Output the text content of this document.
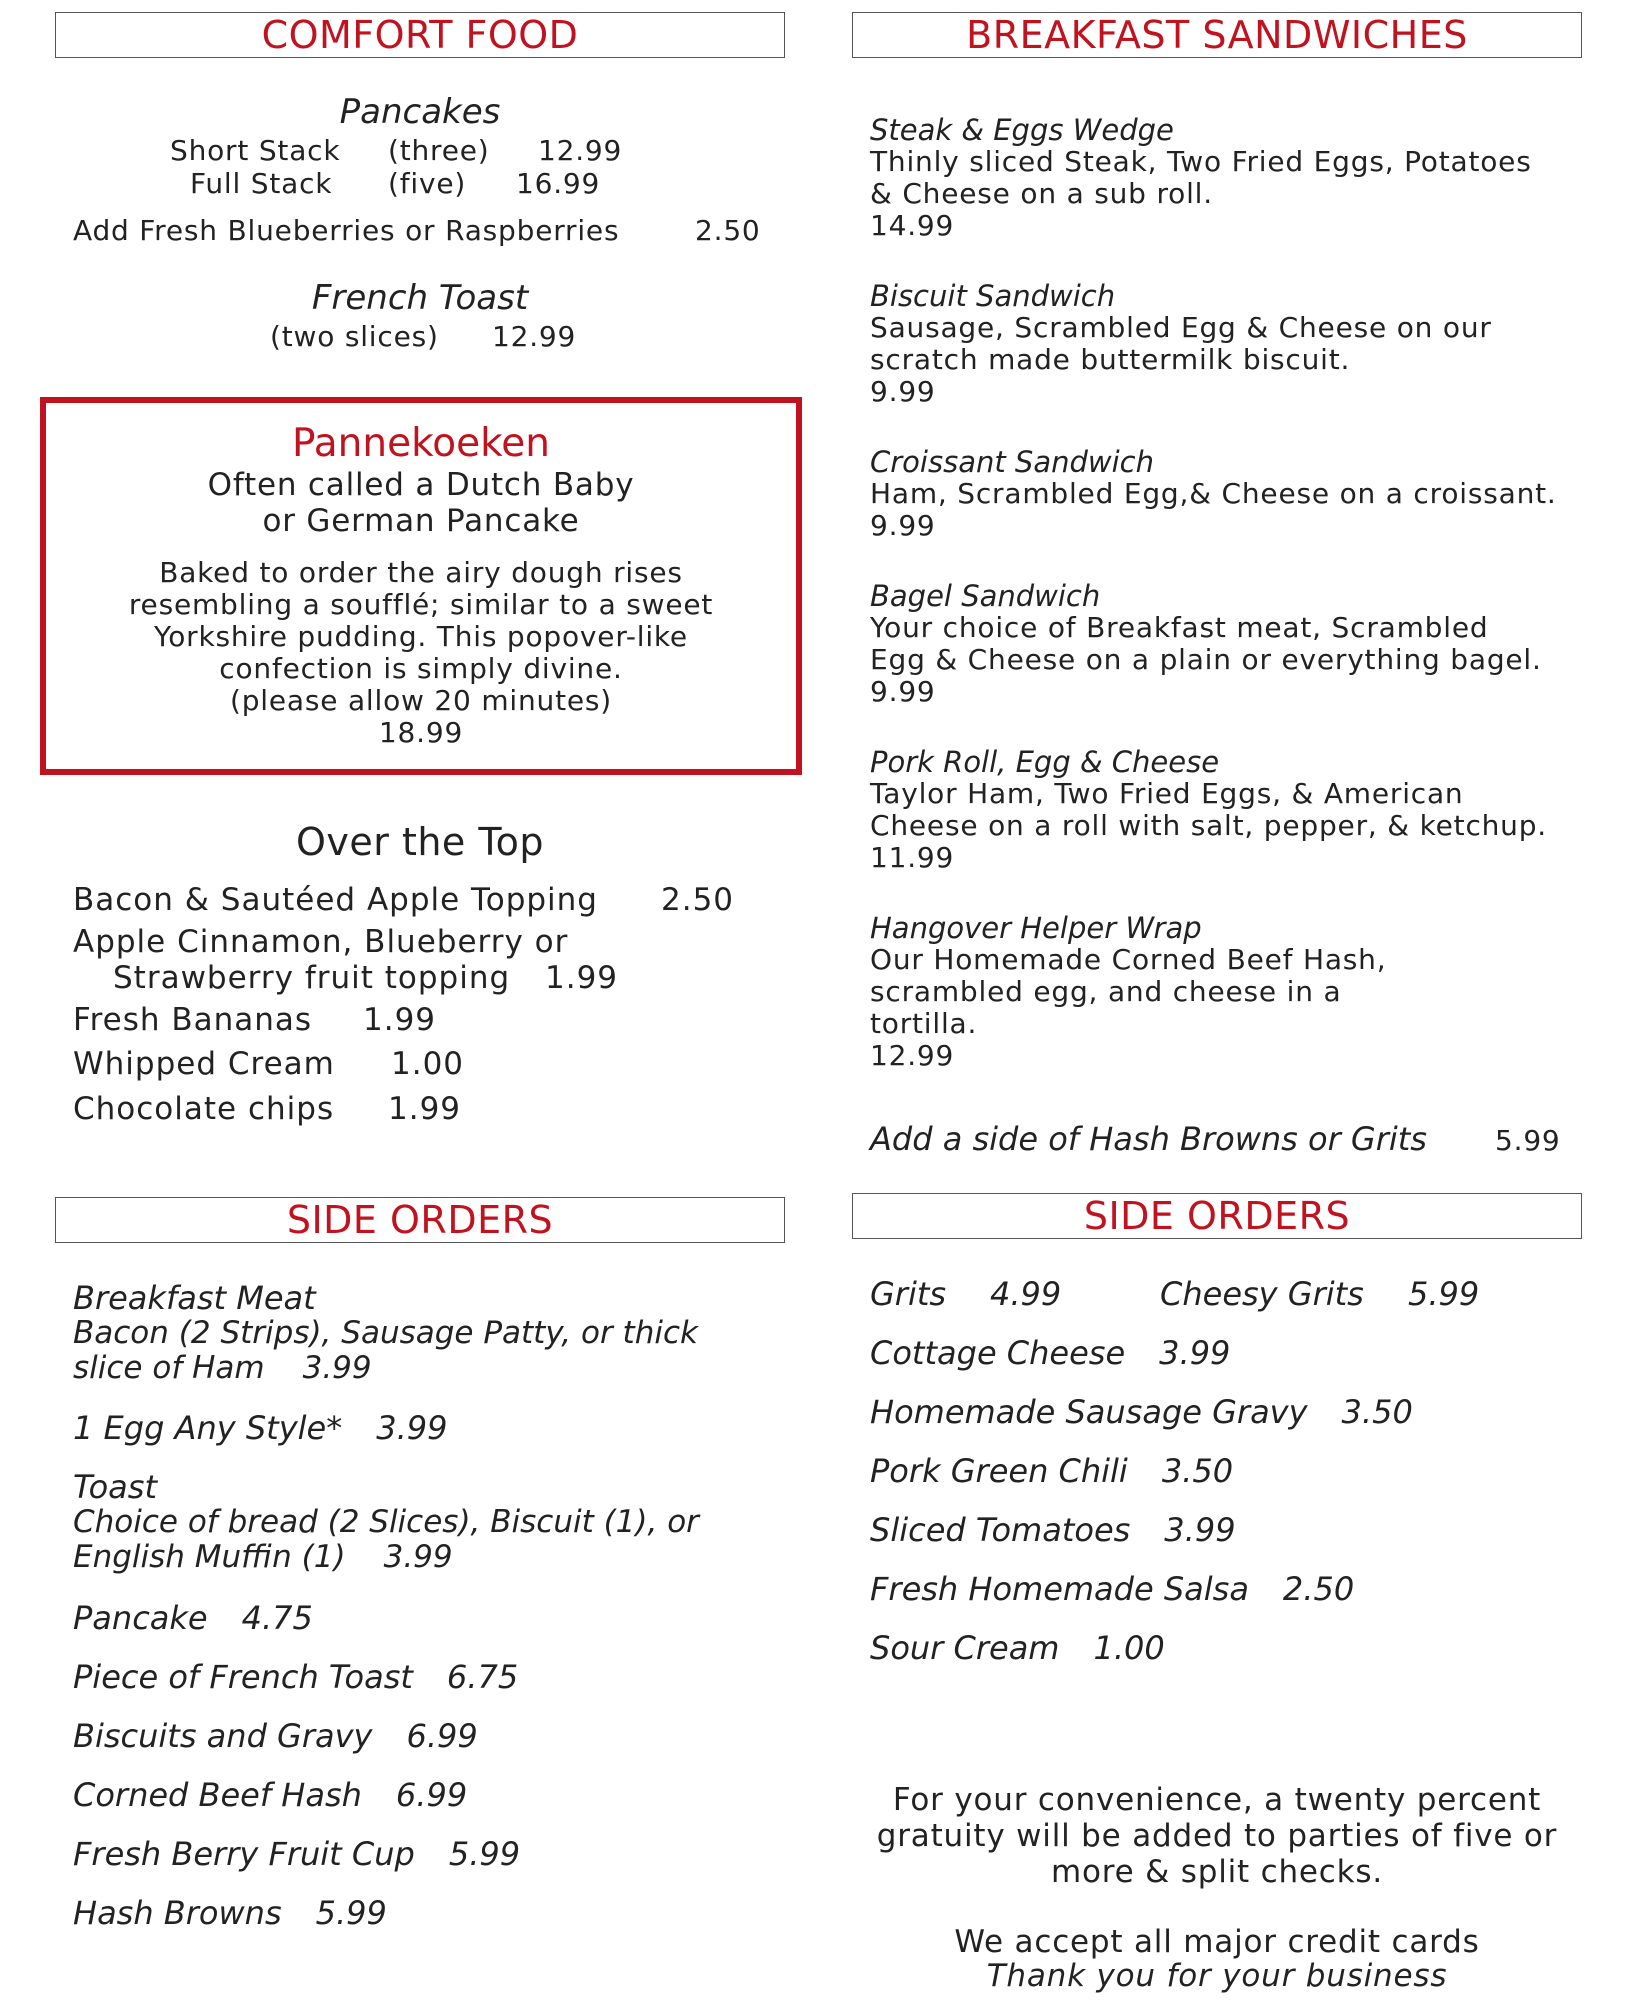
COMFORT FOOD
Pancakes
Short Stack (three) 12.99
Full Stack (five) 16.99
Add Fresh Blueberries or Raspberries	2.50
French Toast
(two slices) 12.99
Pannekoeken
Often called a Dutch Baby
or German Pancake
Baked to order the airy dough rises
resembling a soufflé; similar to a sweet
Yorkshire pudding. This popover-like
confection is simply divine.
(please allow 20 minutes)
18.99
Over the Top
Bacon & Sautéed Apple Topping 2.50
Apple Cinnamon, Blueberry or
Strawberry fruit topping 1.99
Fresh Bananas 1.99
Whipped Cream 1.00
Chocolate chips 1.99
SIDE ORDERS
Breakfast Meat
Bacon (2 Strips), Sausage Patty, or thick
slice of Ham 3.99
1 Egg Any Style* 3.99
Toast
Choice of bread (2 Slices), Biscuit (1), or
English Muffin (1) 3.99
Pancake 4.75
Piece of French Toast 6.75
Biscuits and Gravy 6.99
Corned Beef Hash 6.99
Fresh Berry Fruit Cup 5.99
Hash Browns 5.99
BREAKFAST SANDWICHES
Steak & Eggs Wedge
Thinly sliced Steak, Two Fried Eggs, Potatoes
& Cheese on a sub roll.
14.99
Biscuit Sandwich
Sausage, Scrambled Egg & Cheese on our
scratch made buttermilk biscuit.
9.99
Croissant Sandwich
Ham, Scrambled Egg,& Cheese on a croissant.
9.99
Bagel Sandwich
Your choice of Breakfast meat, Scrambled
Egg & Cheese on a plain or everything bagel.
9.99
Pork Roll, Egg & Cheese
Taylor Ham, Two Fried Eggs, & American
Cheese on a roll with salt, pepper, & ketchup.
11.99
Hangover Helper Wrap
Our Homemade Corned Beef Hash,
scrambled egg, and cheese in a
tortilla.
12.99
Add a side of Hash Browns or Grits 5.99
SIDE ORDERS
Grits 4.99	Cheesy Grits 5.99
Cottage Cheese 3.99
Homemade Sausage Gravy 3.50
Pork Green Chili 3.50
Sliced Tomatoes 3.99
Fresh Homemade Salsa 2.50
Sour Cream 1.00
For your convenience, a twenty percent
gratuity will be added to parties of five or
more & split checks.
We accept all major credit cards
Thank you for your business
